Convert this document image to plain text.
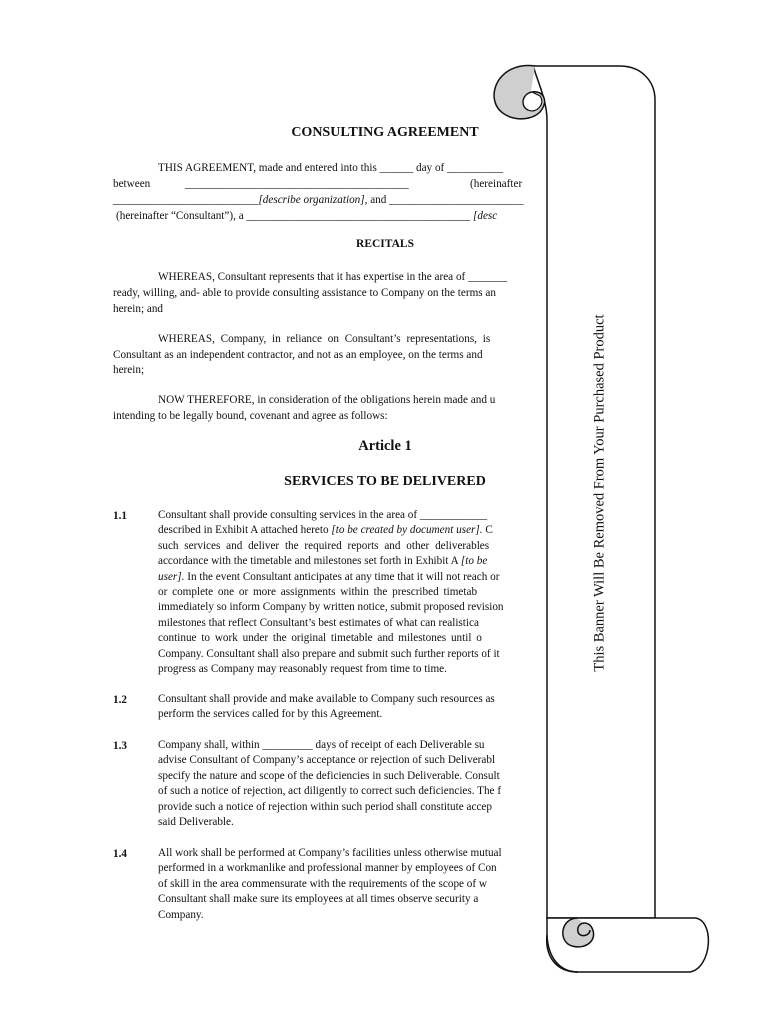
CONSULTING AGREEMENT
THIS AGREEMENT, made and entered into this ______ day of __________
between	________________________________________	(hereinafter
__________________________[describe organization], and ________________________
(hereinafter “Consultant”), a ________________________________________ [desc
RECITALS
WHEREAS, Consultant represents that it has expertise in the area of _______
ready, willing, and- able to provide consulting assistance to Company on the terms an
herein; and
WHEREAS, Company, in reliance on Consultant’s representations, is
Consultant as an independent contractor, and not as an employee, on the terms and
herein;
NOW THEREFORE, in consideration of the obligations herein made and u
intending to be legally bound, covenant and agree as follows:
Article 1
SERVICES TO BE DELIVERED
1.1	Consultant shall provide consulting services in the area of ____________
described in Exhibit A attached hereto [to be created by document user]. C
such services and deliver the required reports and other deliverables
accordance with the timetable and milestones set forth in Exhibit A [to be
user]. In the event Consultant anticipates at any time that it will not reach or
or complete one or more assignments within the prescribed timetab
immediately so inform Company by written notice, submit proposed revision
milestones that reflect Consultant’s best estimates of what can realistica
continue to work under the original timetable and milestones until o
Company. Consultant shall also prepare and submit such further reports of it
progress as Company may reasonably request from time to time.
1.2	Consultant shall provide and make available to Company such resources as
perform the services called for by this Agreement.
1.3	Company shall, within _________ days of receipt of each Deliverable su
advise Consultant of Company’s acceptance or rejection of such Deliverabl
specify the nature and scope of the deficiencies in such Deliverable. Consult
of such a notice of rejection, act diligently to correct such deficiencies. The f
provide such a notice of rejection within such period shall constitute accep
said Deliverable.
1.4	All work shall be performed at Company’s facilities unless otherwise mutual
performed in a workmanlike and professional manner by employees of Con
of skill in the area commensurate with the requirements of the scope of w
Consultant shall make sure its employees at all times observe security a
Company.
This Banner Will Be Removed From Your Purchased Product
